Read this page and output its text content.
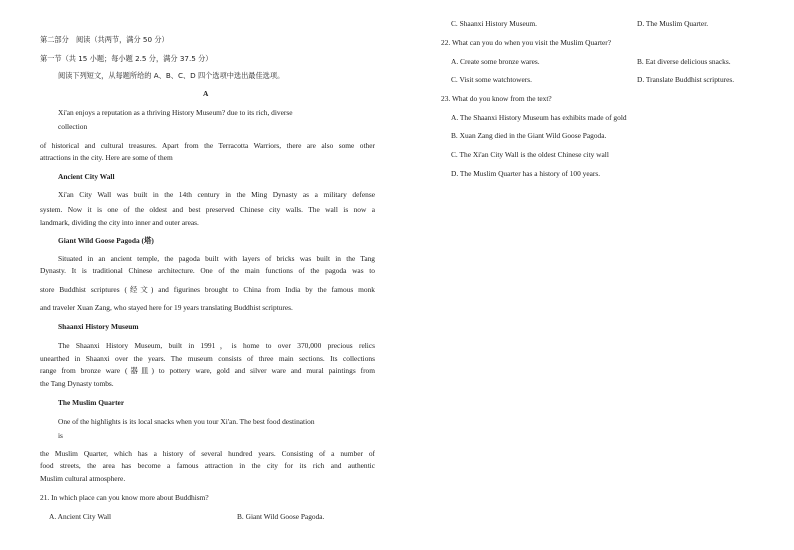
第二部分　阅读（共两节，满分 50 分）
第一节（共 15 小题；每小题 2.5 分，满分 37.5 分）
阅读下列短文，从每题所给的 A、B、C、D 四个选项中选出最佳选项。
A
Xi'an enjoys a reputation as a thriving History Museum? due to its rich, diverse
collection
of historical and cultural treasures. Apart from the Terracotta Warriors, there are also some other
attractions in the city. Here are some of them
Ancient City Wall
Xi'an City Wall was built in the 14th century in the Ming Dynasty as a military defense
system. Now it is one of the oldest and best preserved Chinese city walls. The wall is now a
landmark, dividing the city into inner and outer areas.
Giant Wild Goose Pagoda (塔)
Situated in an ancient temple, the pagoda built with layers of bricks was built in the Tang
Dynasty. It is traditional Chinese architecture. One of the main functions of the pagoda was to
store Buddhist scriptures (经文) and figurines brought to China from India by the famous monk
and traveler Xuan Zang, who stayed here for 19 years translating Buddhist scriptures.
Shaanxi History Museum
The Shaanxi History Museum, built in 1991，is home to over 370,000 precious relics
unearthed in Shaanxi over the years. The museum consists of three main sections. Its collections
range from bronze ware (器皿) to pottery ware, gold and silver ware and mural paintings from
the Tang Dynasty tombs.
The Muslim Quarter
One of the highlights is its local snacks when you tour Xi'an. The best food destination
is
the Muslim Quarter, which has a history of several hundred years. Consisting of a number of
food streets, the area has become a famous attraction in the city for its rich and authentic
Muslim cultural atmosphere.
21. In which place can you know more about Buddhism?
A. Ancient City Wall	B. Giant Wild Goose Pagoda.
C. Shaanxi History Museum.	D. The Muslim Quarter.
22. What can you do when you visit the Muslim Quarter?
A. Create some bronze wares.	B. Eat diverse delicious snacks.
C. Visit some watchtowers.	D. Translate Buddhist scriptures.
23. What do you know from the text?
A. The Shaanxi History Museum has exhibits made of gold
B. Xuan Zang died in the Giant Wild Goose Pagoda.
C. The Xi'an City Wall is the oldest Chinese city wall
D. The Muslim Quarter has a history of 100 years.
